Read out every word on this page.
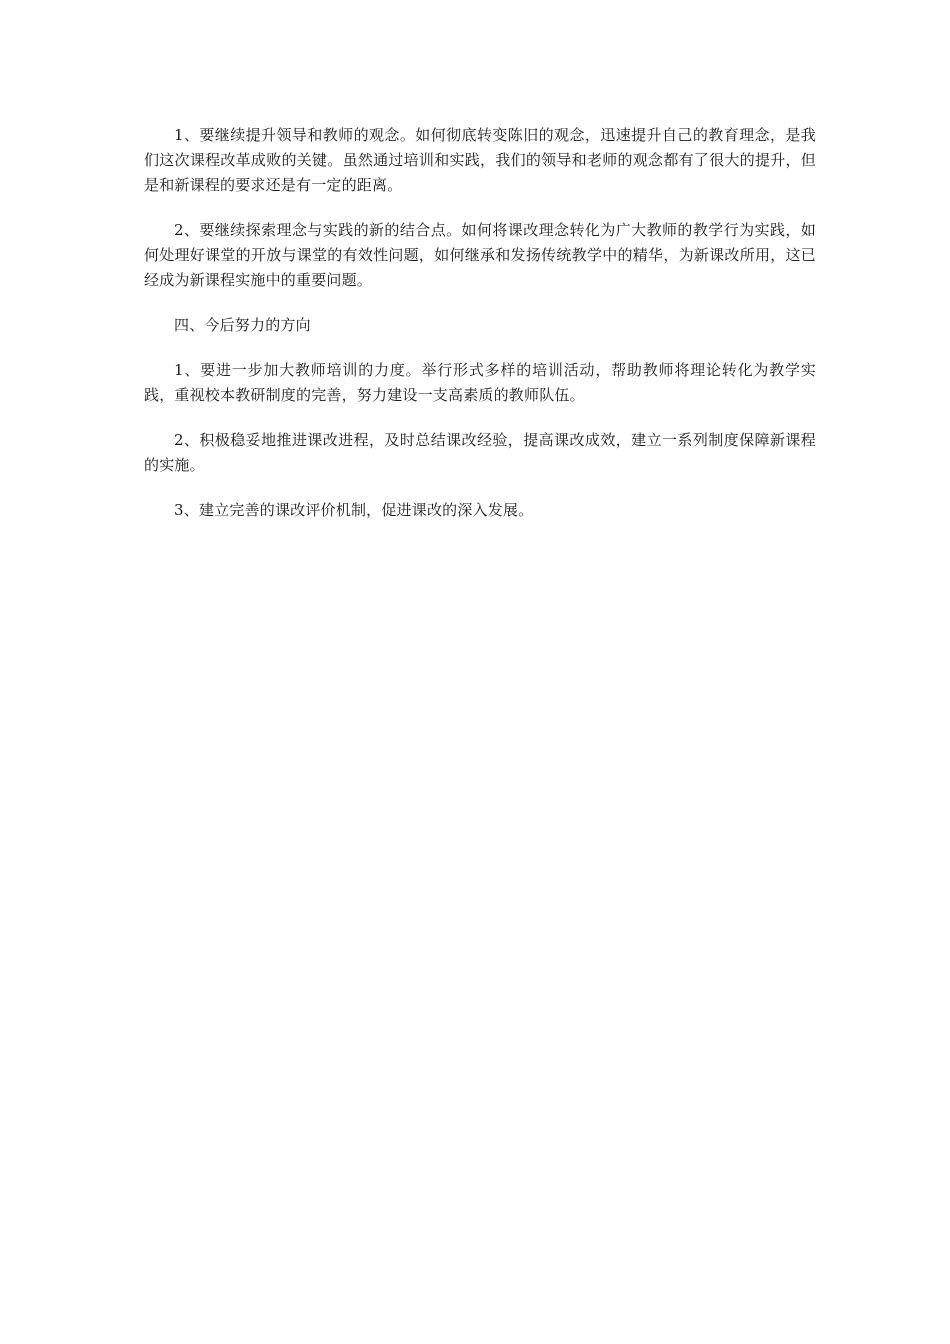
1、要继续提升领导和教师的观念。如何彻底转变陈旧的观念，迅速提升自己的教育理念，是我们这次课程改革成败的关键。虽然通过培训和实践，我们的领导和老师的观念都有了很大的提升，但是和新课程的要求还是有一定的距离。

2、要继续探索理念与实践的新的结合点。如何将课改理念转化为广大教师的教学行为实践，如何处理好课堂的开放与课堂的有效性问题，如何继承和发扬传统教学中的精华，为新课改所用，这已经成为新课程实施中的重要问题。

四、今后努力的方向

1、要进一步加大教师培训的力度。举行形式多样的培训活动，帮助教师将理论转化为教学实践，重视校本教研制度的完善，努力建设一支高素质的教师队伍。

2、积极稳妥地推进课改进程，及时总结课改经验，提高课改成效，建立一系列制度保障新课程的实施。

3、建立完善的课改评价机制，促进课改的深入发展。
